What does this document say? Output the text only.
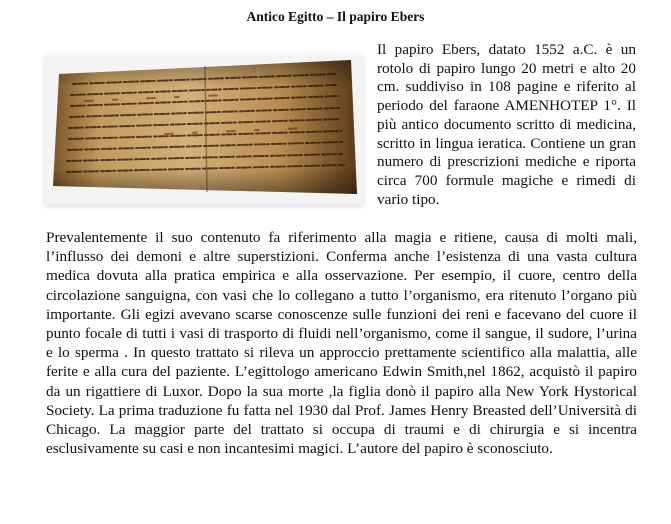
Antico Egitto – Il papiro Ebers

Il papiro Ebers, datato 1552 a.C. è un rotolo di papiro lungo 20 metri e alto 20 cm. suddiviso in 108 pagine e riferito al periodo del faraone AMENHOTEP 1°. Il più antico documento scritto di medicina, scritto in lingua ieratica. Contiene un gran numero di prescrizioni mediche e riporta circa 700 formule magiche e rimedi di vario tipo.

Prevalentemente il suo contenuto fa riferimento alla magia e ritiene, causa di molti mali, l’influsso dei demoni e altre superstizioni. Conferma anche l’esistenza di una vasta cultura medica dovuta alla pratica empirica e alla osservazione. Per esempio, il cuore, centro della circolazione sanguigna, con vasi che lo collegano a tutto l’organismo, era ritenuto l’organo più importante. Gli egizi avevano scarse conoscenze sulle funzioni dei reni e facevano del cuore il punto focale di tutti i vasi di trasporto di fluidi nell’organismo, come il sangue, il sudore, l’urina e lo sperma . In questo trattato si rileva un approccio prettamente scientifico alla malattia, alle ferite e alla cura del paziente. L’egittologo americano Edwin Smith,nel 1862, acquistò il papiro da un rigattiere di Luxor. Dopo la sua morte ,la figlia donò il papiro alla New York Hystorical Society. La prima traduzione fu fatta nel 1930 dal Prof. James Henry Breasted dell’Università di Chicago. La maggior parte del trattato si occupa di traumi e di chirurgia e si incentra esclusivamente su casi e non incantesimi magici. L’autore del papiro è sconosciuto.
